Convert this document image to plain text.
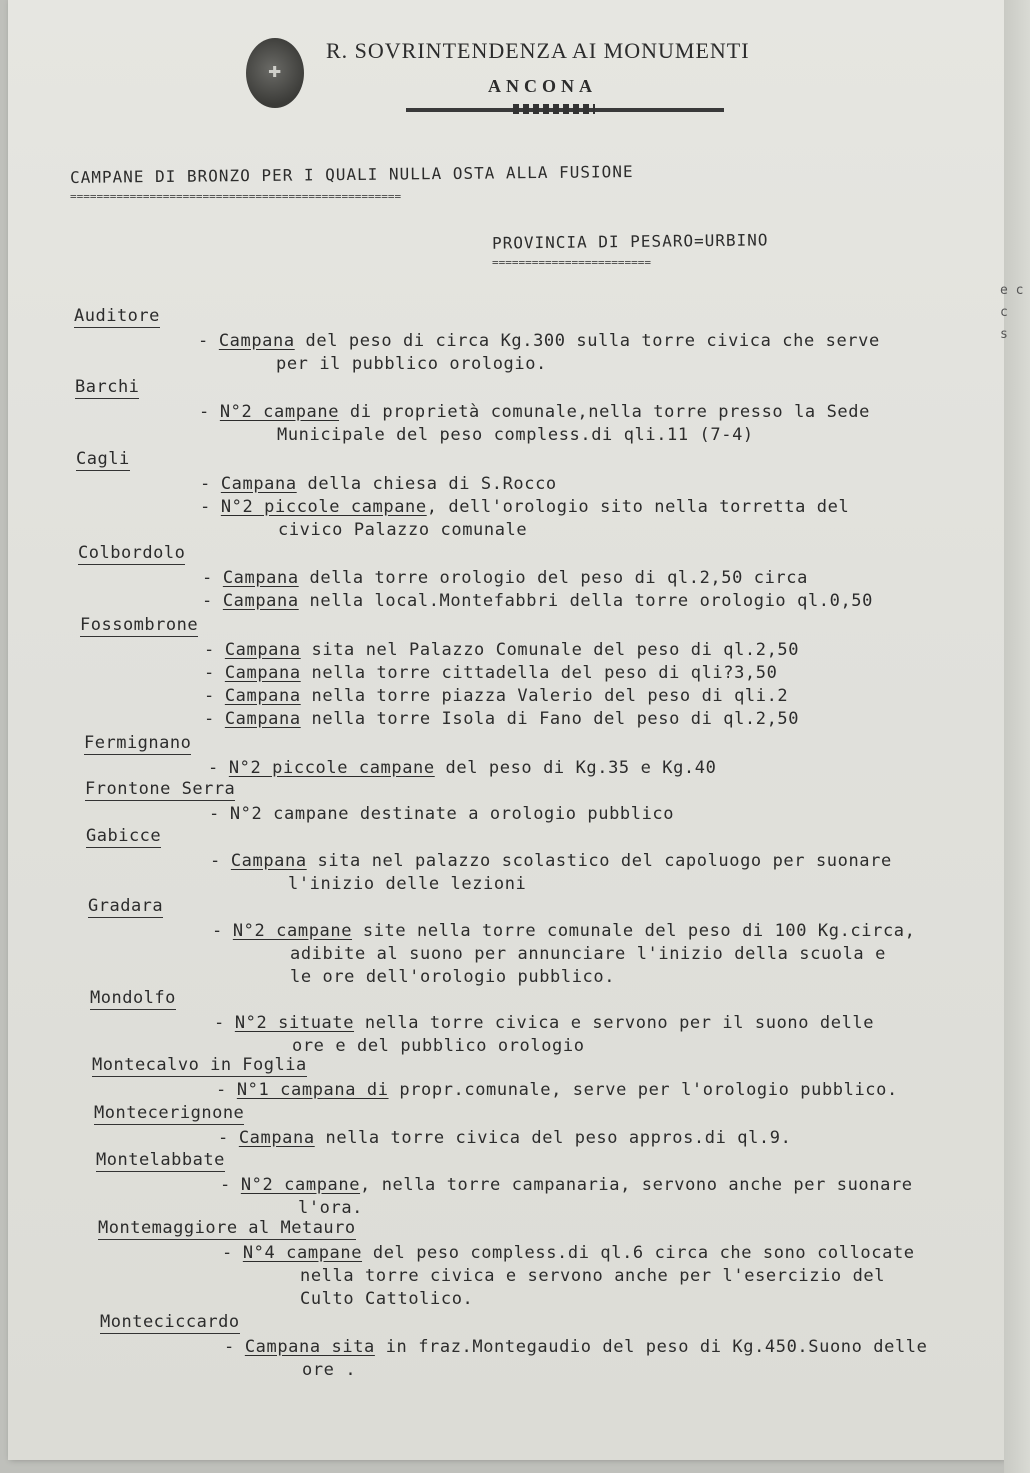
✚
R. SOVRINTENDENZA AI MONUMENTI
ANCONA
CAMPANE DI BRONZO PER I QUALI NULLA OSTA ALLA FUSIONE
==================================================
PROVINCIA DI PESARO=URBINO
========================
Auditore
- Campana del peso di circa Kg.300 sulla torre civica che serve
per il pubblico orologio.
Barchi
- N°2 campane di proprietà comunale,nella torre presso la Sede
Municipale del peso compless.di qli.11 (7-4)
Cagli
- Campana della chiesa di S.Rocco
- N°2 piccole campane, dell'orologio sito nella torretta del
civico Palazzo comunale
Colbordolo
- Campana della torre orologio del peso di ql.2,50 circa
- Campana nella local.Montefabbri della torre orologio ql.0,50
Fossombrone
- Campana sita nel Palazzo Comunale del peso di ql.2,50
- Campana nella torre cittadella del peso di qli?3,50
- Campana nella torre piazza Valerio del peso di qli.2
- Campana nella torre Isola di Fano del peso di ql.2,50
Fermignano
- N°2 piccole campane del peso di Kg.35 e Kg.40
Frontone Serra
- N°2 campane destinate a orologio pubblico
Gabicce
- Campana sita nel palazzo scolastico del capoluogo per suonare
l'inizio delle lezioni
Gradara
- N°2 campane site nella torre comunale del peso di 100 Kg.circa,
adibite al suono per annunciare l'inizio della scuola e
le ore dell'orologio pubblico.
Mondolfo
- N°2 situate nella torre civica e servono per il suono delle
ore e del pubblico orologio
Montecalvo in Foglia
- N°1 campana di propr.comunale, serve per l'orologio pubblico.
Montecerignone
- Campana nella torre civica del peso appros.di ql.9.
Montelabbate
- N°2 campane, nella torre campanaria, servono anche per suonare
l'ora.
Montemaggiore al Metauro
- N°4 campane del peso compless.di ql.6 circa che sono collocate
nella torre civica e servono anche per l'esercizio del
Culto Cattolico.
Monteciccardo
- Campana sita in fraz.Montegaudio del peso di Kg.450.Suono delle
ore .
e c
c
s
